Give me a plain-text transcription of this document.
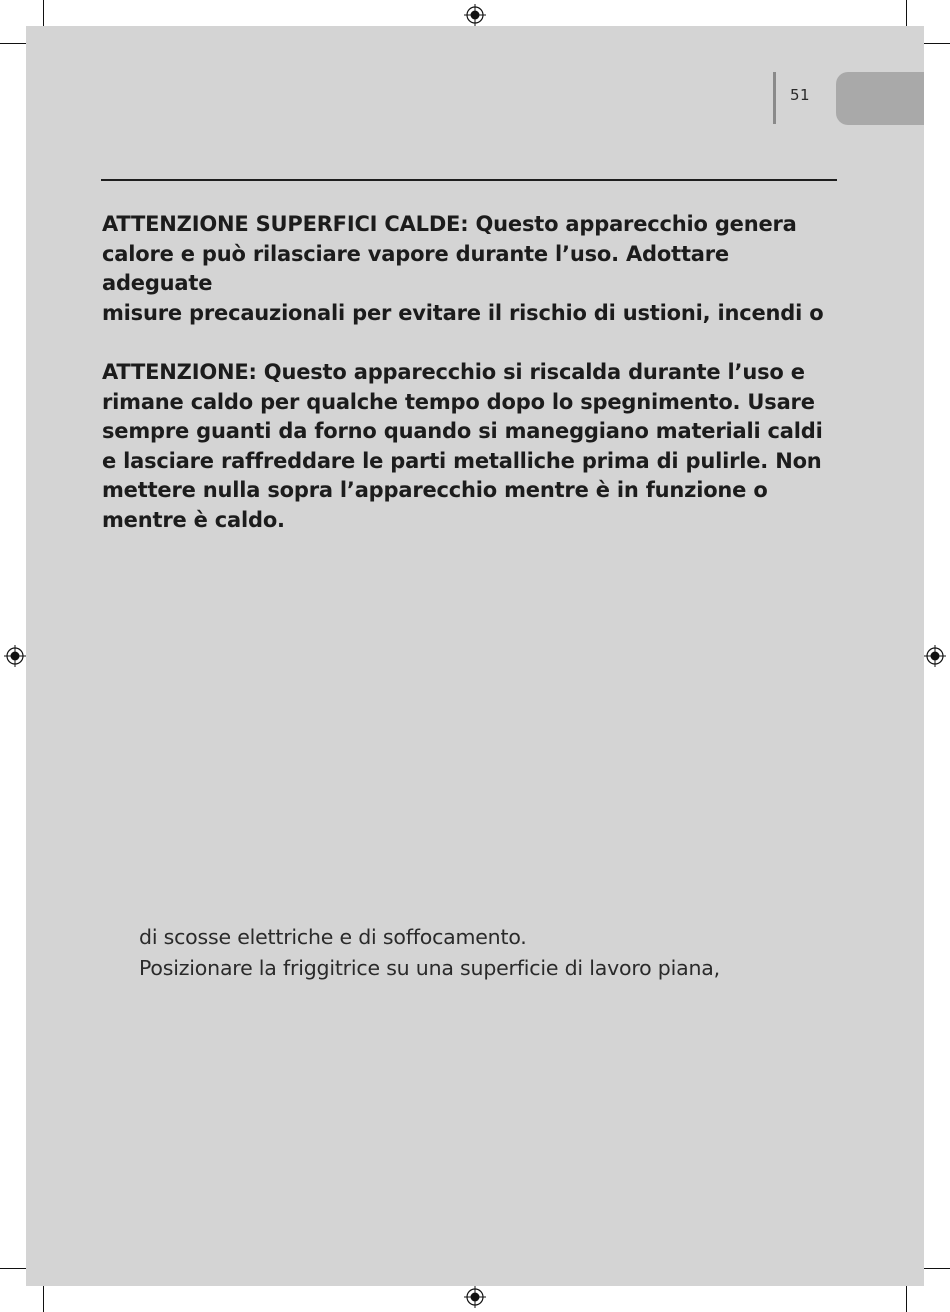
51

ATTENZIONE SUPERFICI CALDE: Questo apparecchio genera
calore e può rilasciare vapore durante l’uso. Adottare adeguate
misure precauzionali per evitare il rischio di ustioni, incendi o

ATTENZIONE: Questo apparecchio si riscalda durante l’uso e
rimane caldo per qualche tempo dopo lo spegnimento. Usare
sempre guanti da forno quando si maneggiano materiali caldi
e lasciare raffreddare le parti metalliche prima di pulirle. Non
mettere nulla sopra l’apparecchio mentre è in funzione o
mentre è caldo.

di scosse elettriche e di soffocamento.
Posizionare la friggitrice su una superficie di lavoro piana,
